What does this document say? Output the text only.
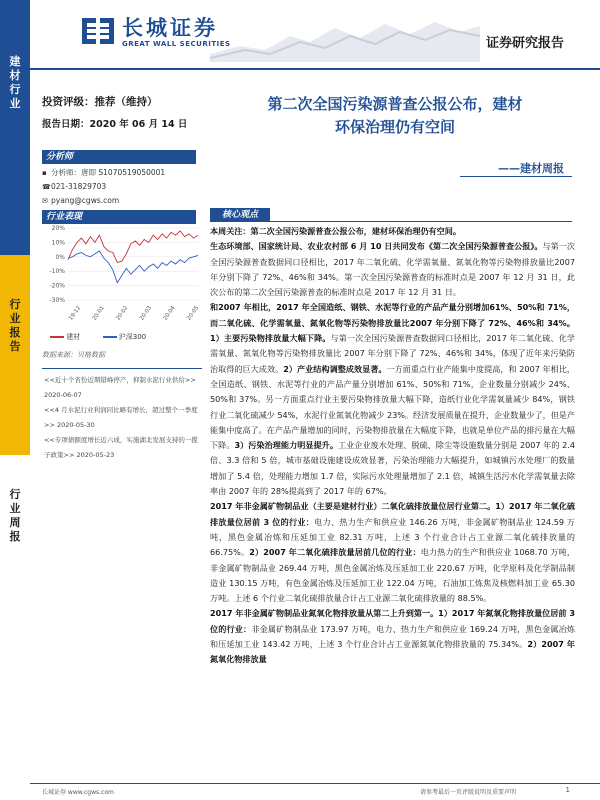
建
材
行
业
行
业
报
告
行
业
周
报
长城证券
GREAT WALL SECURITIES	证券研究报告
投资评级：推荐（维持）
报告日期：2020 年 06 月 14 日
第二次全国污染源普查公报公布，建材
环保治理仍有空间
——建材周报
分析师
▪ 分析师：唐即 S1070519050001
☎021-31829703
✉ pyang@cgws.com
行业表现
20%
10%
0%
-10%
-20%
-30%
19-12 20-01 20-02 20-03 20-04 20-05
建材	沪深300
数据来源：贝格数据
<<近十个省份近期错峰停产，抑制水泥行业供给>> 2020-06-07
<<4 月水泥行业利润同比略有增长，超过整个一季度>> 2020-05-30
<<专项债额度增长近六成，实施湖北发展支持的一揽子政策>> 2020-05-23
核心观点

本周关注：第二次全国污染源普查公报公布，建材环保治理仍有空间。

生态环境部、国家统计局、农业农村部 6 月 10 日共同发布《第二次全国污染源普查公报》。与第一次全国污染源普查数据同口径相比，2017 年二氧化硫、化学需氧量、氮氧化物等污染物排放量比2007 年分别下降了 72%、46%和 34%。第一次全国污染源普查的标准时点是 2007 年 12 月 31 日，此次公布的第二次全国污染源普查的标准时点是 2017 年 12 月 31 日。

和2007 年相比，2017 年全国造纸、钢铁、水泥等行业的产品产量分别增加61%、50%和 71%，而二氧化硫、化学需氧量、氮氧化物等污染物排放量比2007 年分别下降了 72%、46%和 34%。1）主要污染物排放量大幅下降。与第一次全国污染源普查数据同口径相比，2017 年二氧化硫、化学需氧量、氮氧化物等污染物排放量比 2007 年分别下降了 72%、46%和 34%，体现了近年来污染防治取得的巨大成效。2）产业结构调整成效显著。一方面重点行业产能集中度提高，和 2007 年相比，全国造纸、钢铁、水泥等行业的产品产量分别增加 61%、50%和 71%，企业数量分别减少 24%、50%和 37%。另一方面重点行业主要污染物排放量大幅下降，造纸行业化学需氧量减少 84%，钢铁行业二氧化硫减少 54%，水泥行业氮氧化物减少 23%。经济发展质量在提升，企业数量少了，但是产能集中度高了。在产品产量增加的同时，污染物排放量在大幅度下降，也就是单位产品的排污量在大幅下降。3）污染治理能力明显提升。工业企业废水处理、脱硫、除尘等设施数量分别是 2007 年的 2.4 倍、3.3 倍和 5 倍，城市基础设施建设成效显著，污染治理能力大幅提升，如城镇污水处理厂的数量增加了 5.4 倍，处理能力增加 1.7 倍，实际污水处理量增加了 2.1 倍，城镇生活污水化学需氧量去除率由 2007 年的 28%提高到了 2017 年的 67%。

2017 年非金属矿物制品业（主要是建材行业）二氧化硫排放量位居行业第二。1）2017 年二氧化硫排放量位居前 3 位的行业：电力、热力生产和供应业 146.26 万吨，非金属矿物制品业 124.59 万吨，黑色金属冶炼和压延加工业 82.31 万吨，上述 3 个行业合计占工业源二氧化硫排放量的 66.75%。2）2007 年二氧化硫排放量居前几位的行业：电力热力的生产和供应业 1068.70 万吨，非金属矿物制品业 269.44 万吨，黑色金属冶炼及压延加工业 220.67 万吨，化学原料及化学制品制造业 130.15 万吨，有色金属冶炼及压延加工业 122.04 万吨，石油加工炼焦及核燃料加工业 65.30 万吨。上述 6 个行业二氧化硫排放量合计占工业源二氧化硫排放量的 88.5%。

2017 年非金属矿物制品业氮氧化物排放量从第二上升到第一。1）2017 年氮氧化物排放量位居前 3 位的行业：非金属矿物制品业 173.97 万吨，电力、热力生产和供应业 169.24 万吨，黑色金属冶炼和压延加工业 143.42 万吨，上述 3 个行业合计占工业源氮氧化物排放量的 75.34%。2）2007 年氮氧化物排放量

长城证券 www.cgws.com	请参考最后一页评级说明及重要声明	1
